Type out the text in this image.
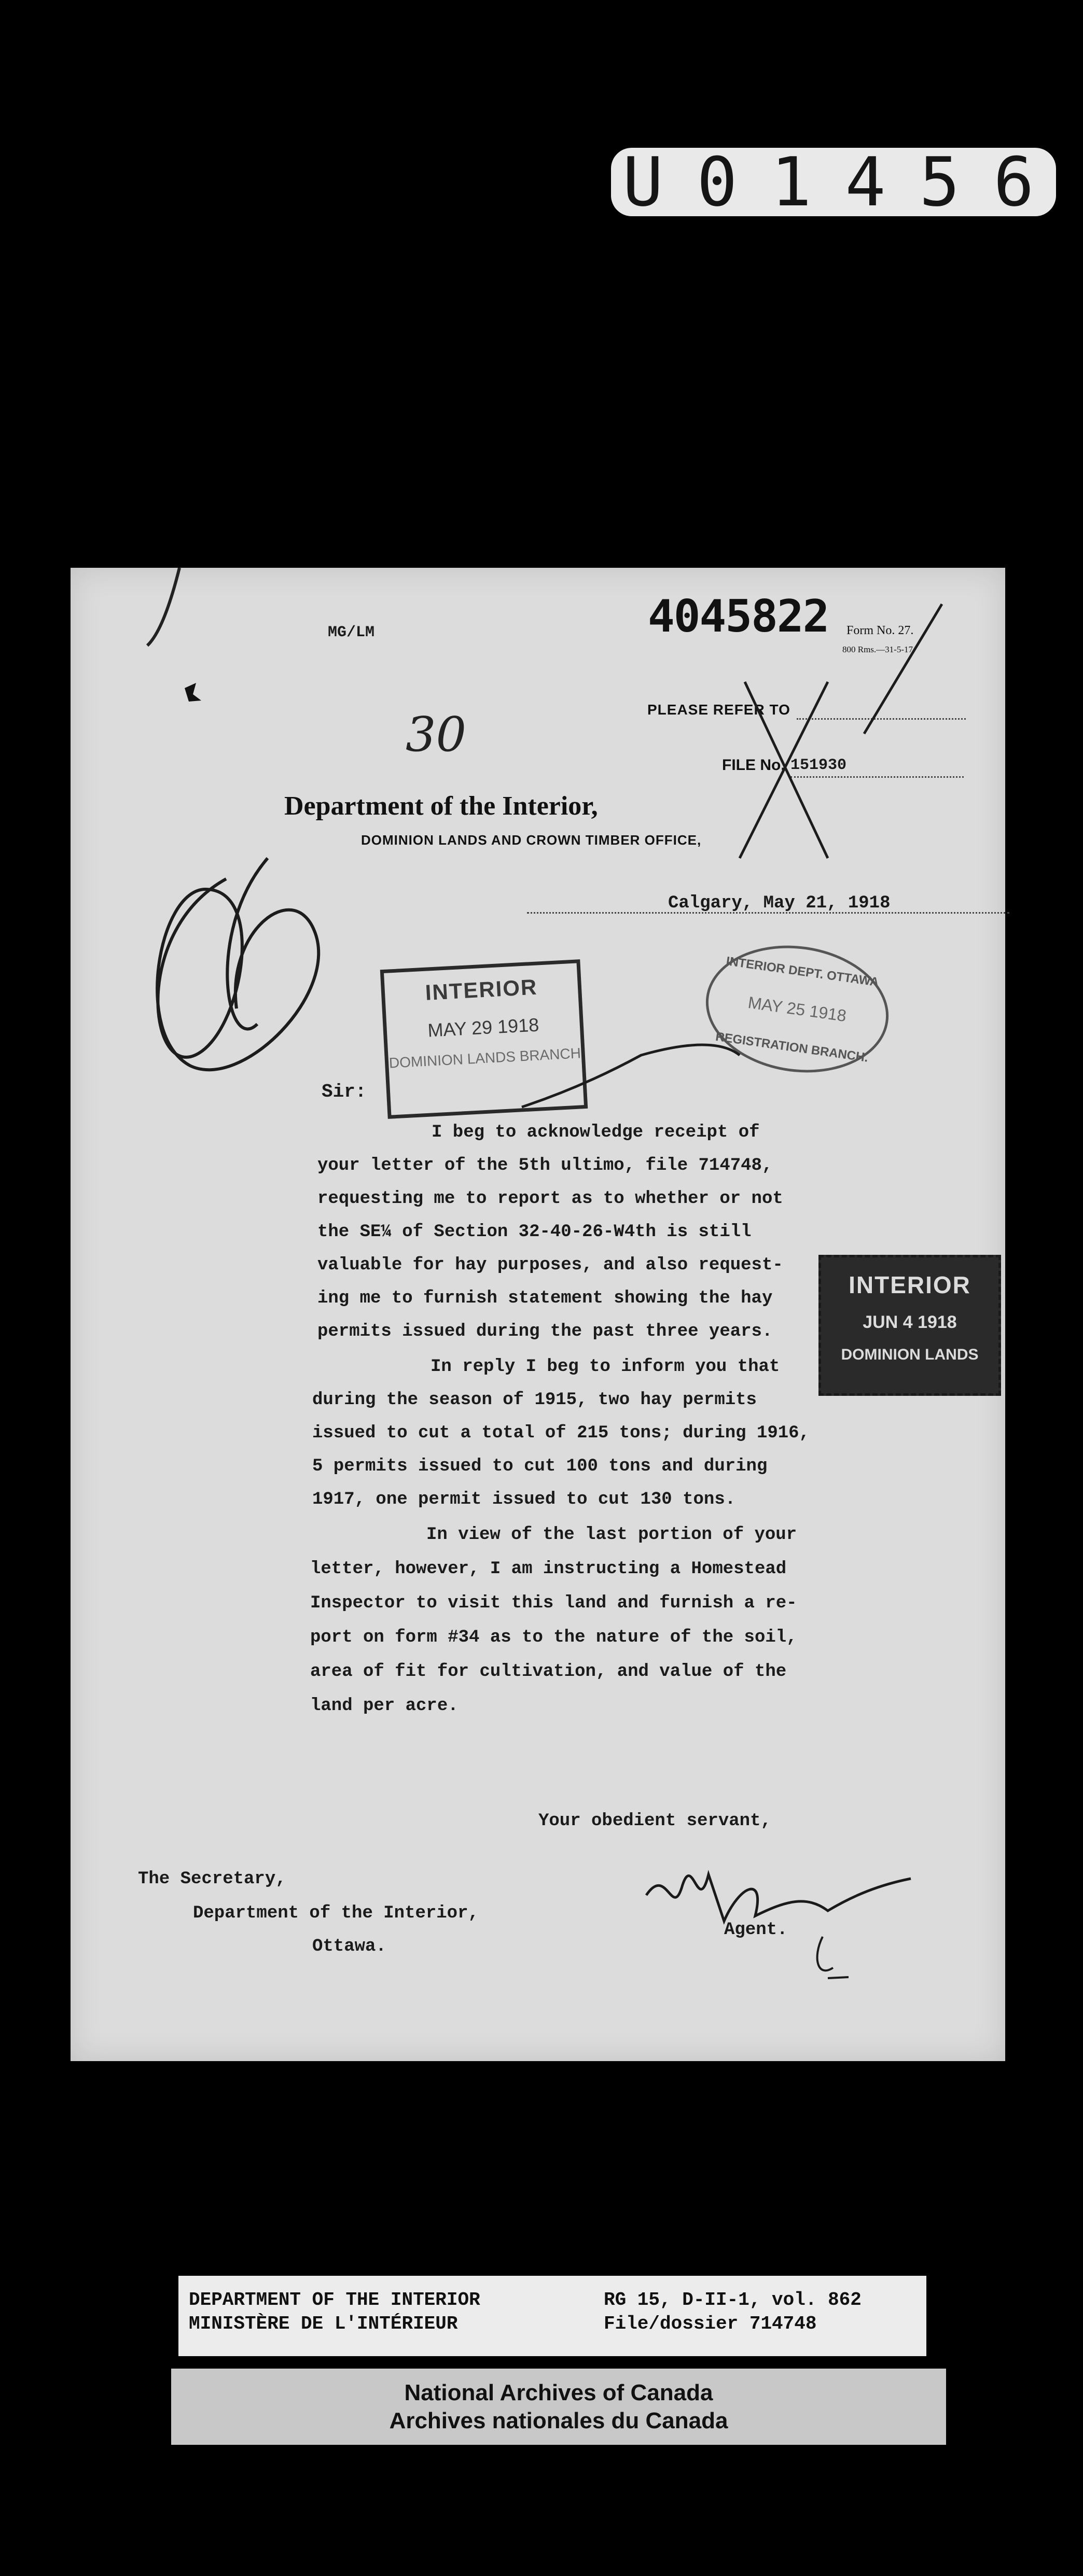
U 0 1 4 5 6
MG/LM	4045822 Form No. 27.
800 Rms.—31-5-17.
30	PLEASE REFER TO
FILE No. 151930
Department of the Interior,
DOMINION LANDS AND CROWN TIMBER OFFICE,
Calgary, May 21, 1918
INTERIOR
MAY 29 1918
DOMINION LANDS BRANCH
INTERIOR DEPT. OTTAWA
MAY 25 1918
REGISTRATION BRANCH.
INTERIOR
JUN 4 1918
DOMINION LANDS
Sir:
I beg to acknowledge receipt of
your letter of the 5th ultimo, file 714748,
requesting me to report as to whether or not
the SE¼ of Section 32-40-26-W4th is still
valuable for hay purposes, and also request-
ing me to furnish statement showing the hay
permits issued during the past three years.
In reply I beg to inform you that
during the season of 1915, two hay permits
issued to cut a total of 215 tons; during 1916,
5 permits issued to cut 100 tons and during
1917, one permit issued to cut 130 tons.
In view of the last portion of your
letter, however, I am instructing a Homestead
Inspector to visit this land and furnish a re-
port on form #34 as to the nature of the soil,
area of fit for cultivation, and value of the
land per acre.
Your obedient servant,
The Secretary,
Department of the Interior,
Ottawa.
Agent.
DEPARTMENT OF THE INTERIOR
MINISTÈRE DE L'INTÉRIEUR
RG 15, D-II-1, vol. 862
File/dossier 714748
National Archives of Canada
Archives nationales du Canada
